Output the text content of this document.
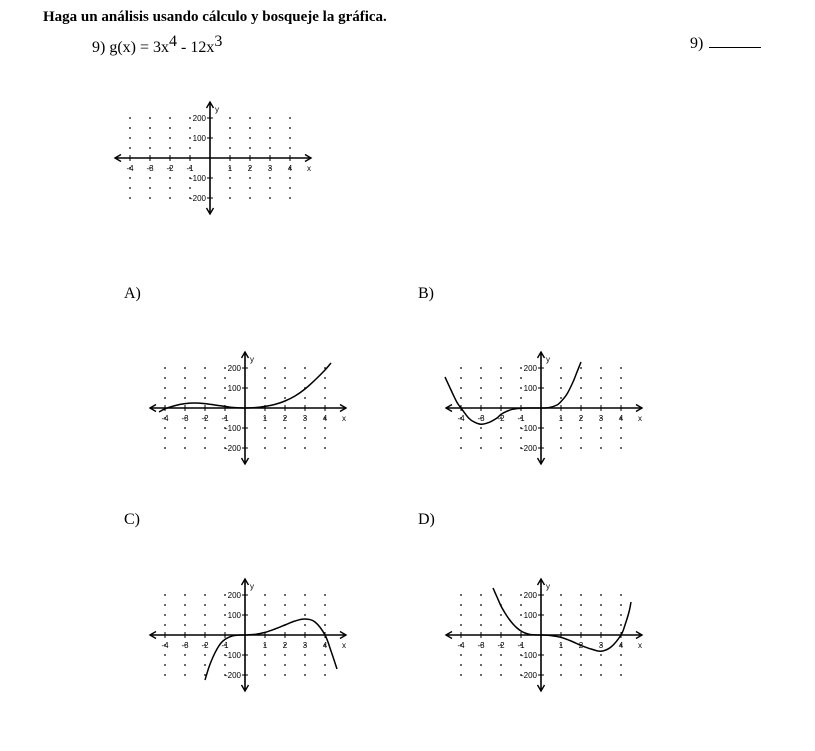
Haga un análisis usando cálculo y bosqueje la gráfica.
9) $g(x) = 3x^4 - 12x^3$	9)
A)	B)
C)	D)
-4 -3 -2 -1	1 2 3 4
200
100
-100
-200
x
y
-4 -3 -2 -1	1 2 3 4
200
100
-100
-200
x
y
-4 -3 -2 -1	1 2 3 4
200
100
-100
-200
x
y
-4 -3 -2 -1	1 2 3 4
200
100
-100
-200
x
y
-4 -3 -2 -1	1 2 3 4
200
100
-100
-200
x
y
